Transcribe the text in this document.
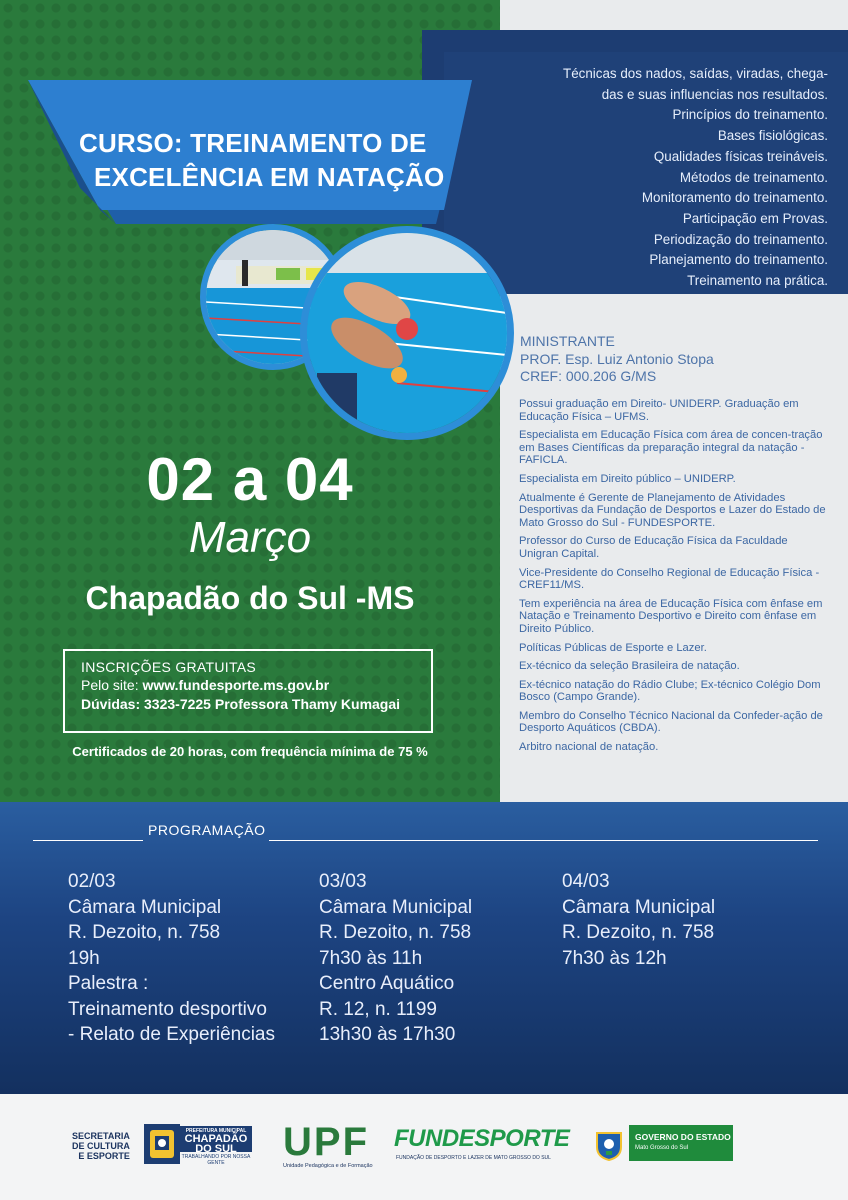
CURSO: TREINAMENTO DE
EXCELÊNCIA EM NATAÇÃO
Técnicas dos nados, saídas, viradas, chega-
das e suas influencias nos resultados.
Princípios do treinamento.
Bases fisiológicas.
Qualidades físicas treináveis.
Métodos de treinamento.
Monitoramento do treinamento.
Participação em Provas.
Periodização do treinamento.
Planejamento do treinamento.
Treinamento na prática.
MINISTRANTE
PROF. Esp. Luiz Antonio Stopa
CREF: 000.206 G/MS
Possui graduação em Direito- UNIDERP. Graduação em Educação Física – UFMS.
Especialista em Educação Física com área de concen-tração em Bases Científicas da preparação integral da natação - FAFICLA.
Especialista em Direito público – UNIDERP.
Atualmente é Gerente de Planejamento de Atividades Desportivas da Fundação de Desportos e Lazer do Estado de Mato Grosso do Sul - FUNDESPORTE.
Professor do Curso de Educação Física da Faculdade Unigran Capital.
Vice-Presidente do Conselho Regional de Educação Física - CREF11/MS.
Tem experiência na área de Educação Física com ênfase em Natação e Treinamento Desportivo e Direito com ênfase em Direito Público.
Políticas Públicas de Esporte e Lazer.
Ex-técnico da seleção Brasileira de natação.
Ex-técnico natação do Rádio Clube; Ex-técnico Colégio Dom Bosco (Campo Grande).
Membro do Conselho Técnico Nacional da Confeder-ação de Desporto Aquáticos (CBDA).
Arbitro nacional de natação.
02 a 04
Março
Chapadão do Sul -MS
INSCRIÇÕES GRATUITAS
Pelo site: www.fundesporte.ms.gov.br
Dúvidas: 3323-7225 Professora Thamy Kumagai
Certificados de 20 horas, com frequência mínima de 75 %
PROGRAMAÇÃO
02/03
Câmara Municipal
R. Dezoito, n. 758
19h
Palestra :
Treinamento desportivo
- Relato de Experiências
03/03
Câmara Municipal
R. Dezoito, n. 758
7h30 às 11h
Centro Aquático
R. 12, n. 1199
13h30 às 17h30
04/03
Câmara Municipal
R. Dezoito, n. 758
7h30 às 12h
SECRETARIA
DE CULTURA
E ESPORTE
PREFEITURA MUNICIPAL
CHAPADÃO
DO SUL
TRABALHANDO POR NOSSA GENTE	UPF
Unidade Pedagógica e de Formação
FUNDESPORTE
FUNDAÇÃO DE DESPORTO E LAZER DE MATO GROSSO DO SUL
GOVERNO DO ESTADO
Mato Grosso do Sul
